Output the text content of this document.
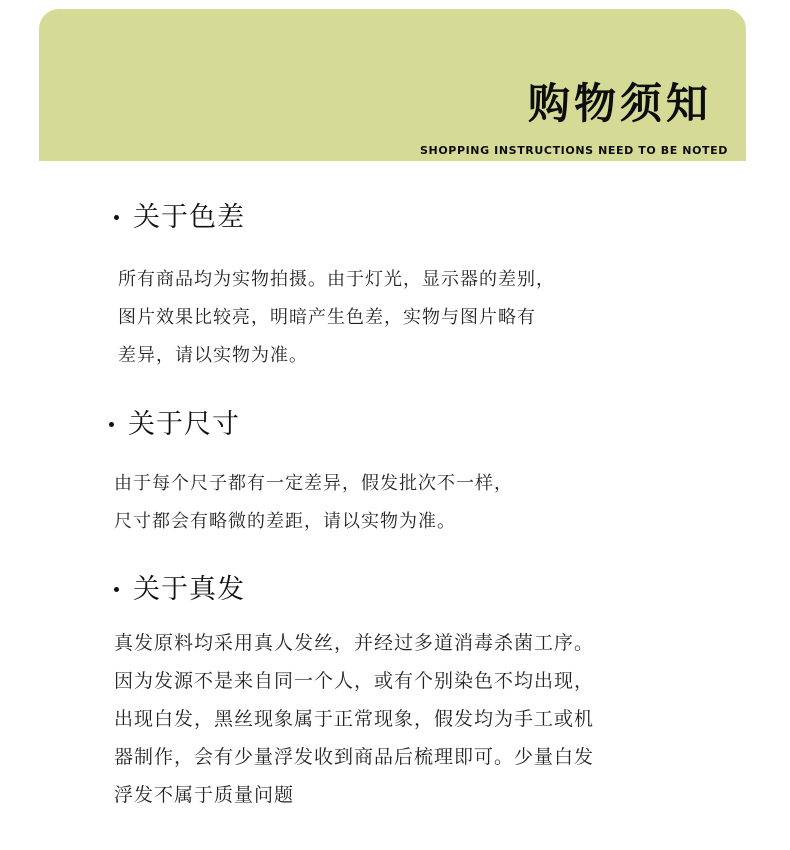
购物须知
SHOPPING INSTRUCTIONS NEED TO BE NOTED
关于色差
所有商品均为实物拍摄。由于灯光，显示器的差别，
图片效果比较亮，明暗产生色差，实物与图片略有
差异，请以实物为准。
关于尺寸
由于每个尺子都有一定差异，假发批次不一样，
尺寸都会有略微的差距，请以实物为准。
关于真发
真发原料均采用真人发丝，并经过多道消毒杀菌工序。
因为发源不是来自同一个人，或有个别染色不均出现，
出现白发，黑丝现象属于正常现象，假发均为手工或机
器制作，会有少量浮发收到商品后梳理即可。少量白发
浮发不属于质量问题
